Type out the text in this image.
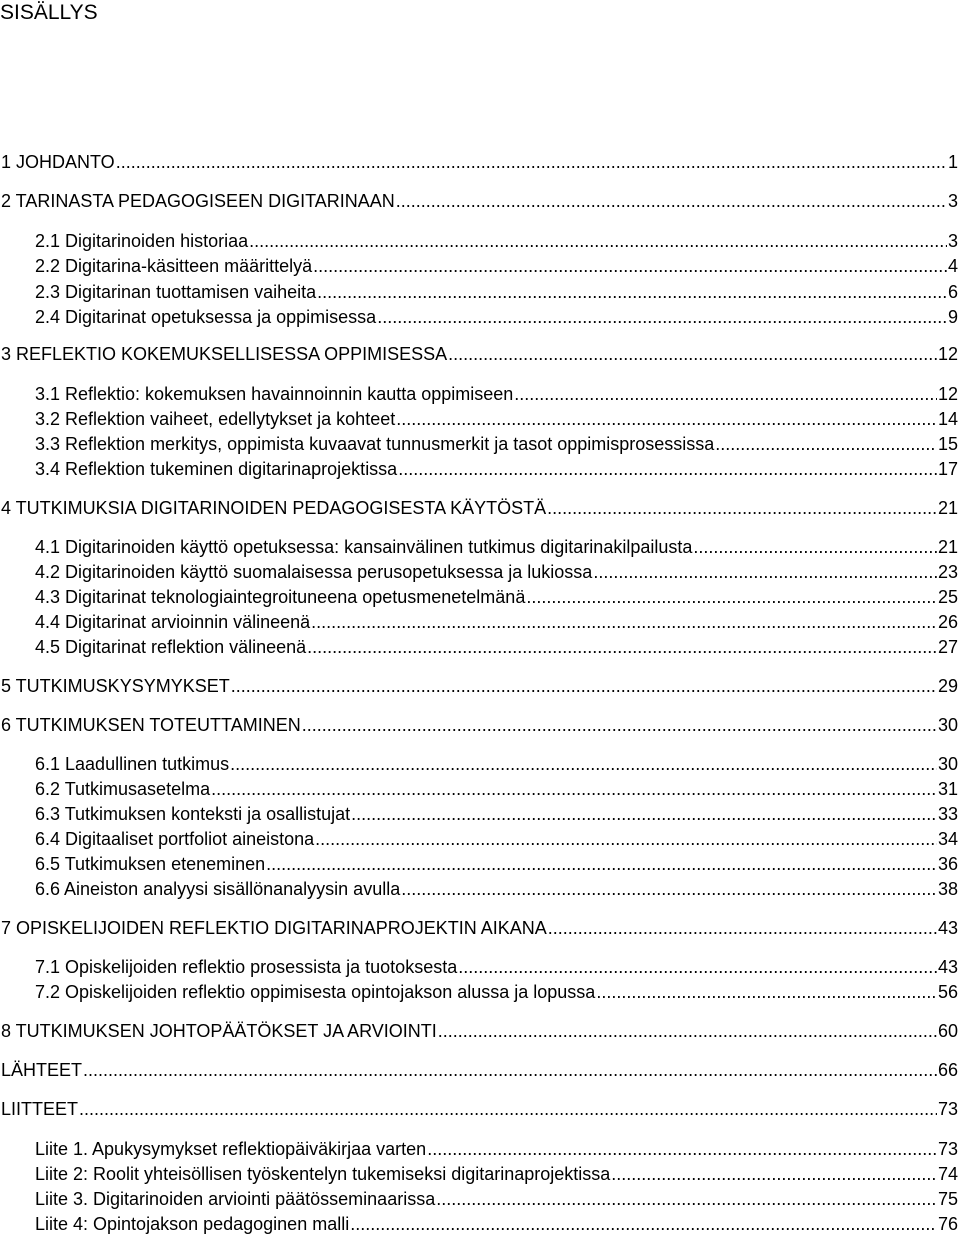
SISÄLLYS
1 JOHDANTO .....	1
2 TARINASTA PEDAGOGISEEN DIGITARINAAN .....	3
2.1 Digitarinoiden historiaa .....	3
2.2 Digitarina-käsitteen määrittelyä .....	4
2.3 Digitarinan tuottamisen vaiheita .....	6
2.4 Digitarinat opetuksessa ja oppimisessa .....	9
3 REFLEKTIO KOKEMUKSELLISESSA OPPIMISESSA .....	12
3.1 Reflektio: kokemuksen havainnoinnin kautta oppimiseen .....	12
3.2 Reflektion vaiheet, edellytykset ja kohteet .....	14
3.3 Reflektion merkitys, oppimista kuvaavat tunnusmerkit ja tasot oppimisprosessissa .....	15
3.4 Reflektion tukeminen digitarinaprojektissa .....	17
4 TUTKIMUKSIA DIGITARINOIDEN PEDAGOGISESTA KÄYTÖSTÄ .....	21
4.1 Digitarinoiden käyttö opetuksessa: kansainvälinen tutkimus digitarinakilpailusta .....	21
4.2 Digitarinoiden käyttö suomalaisessa perusopetuksessa ja lukiossa .....	23
4.3 Digitarinat teknologiaintegroituneena opetusmenetelmänä .....	25
4.4 Digitarinat arvioinnin välineenä .....	26
4.5 Digitarinat reflektion välineenä .....	27
5 TUTKIMUSKYSYMYKSET .....	29
6 TUTKIMUKSEN TOTEUTTAMINEN .....	30
6.1 Laadullinen tutkimus .....	30
6.2 Tutkimusasetelma .....	31
6.3 Tutkimuksen konteksti ja osallistujat .....	33
6.4 Digitaaliset portfoliot aineistona .....	34
6.5 Tutkimuksen eteneminen .....	36
6.6 Aineiston analyysi sisällönanalyysin avulla .....	38
7 OPISKELIJOIDEN REFLEKTIO DIGITARINAPROJEKTIN AIKANA .....	43
7.1 Opiskelijoiden reflektio prosessista ja tuotoksesta .....	43
7.2 Opiskelijoiden reflektio oppimisesta opintojakson alussa ja lopussa .....	56
8 TUTKIMUKSEN JOHTOPÄÄTÖKSET JA ARVIOINTI .....	60
LÄHTEET .....	66
LIITTEET .....	73
Liite 1. Apukysymykset reflektiopäiväkirjaa varten .....	73
Liite 2: Roolit yhteisöllisen työskentelyn tukemiseksi digitarinaprojektissa .....	74
Liite 3. Digitarinoiden arviointi päätösseminaarissa .....	75
Liite 4: Opintojakson pedagoginen malli .....	76
